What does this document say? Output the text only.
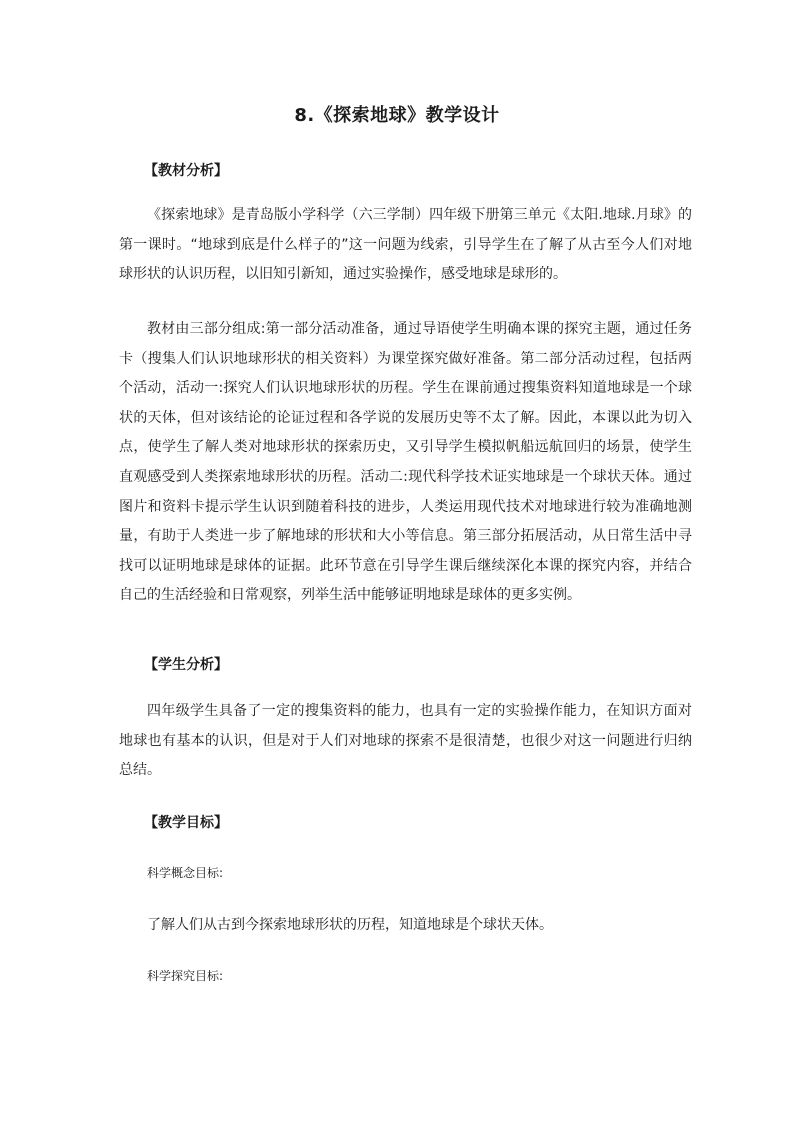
8.《探索地球》教学设计
【教材分析】

《探索地球》是青岛版小学科学（六三学制）四年级下册第三单元《太阳.地球.月球》的第一课时。“地球到底是什么样子的”这一问题为线索，引导学生在了解了从古至今人们对地球形状的认识历程，以旧知引新知，通过实验操作，感受地球是球形的。

教材由三部分组成:第一部分活动准备，通过导语使学生明确本课的探究主题，通过任务卡（搜集人们认识地球形状的相关资料）为课堂探究做好准备。第二部分活动过程，包括两个活动，活动一:探究人们认识地球形状的历程。学生在课前通过搜集资料知道地球是一个球状的天体，但对该结论的论证过程和各学说的发展历史等不太了解。因此，本课以此为切入点，使学生了解人类对地球形状的探索历史，又引导学生模拟帆船远航回归的场景，使学生直观感受到人类探索地球形状的历程。活动二:现代科学技术证实地球是一个球状天体。通过图片和资料卡提示学生认识到随着科技的进步，人类运用现代技术对地球进行较为准确地测量，有助于人类进一步了解地球的形状和大小等信息。第三部分拓展活动，从日常生活中寻找可以证明地球是球体的证据。此环节意在引导学生课后继续深化本课的探究内容，并结合自己的生活经验和日常观察，列举生活中能够证明地球是球体的更多实例。

【学生分析】

四年级学生具备了一定的搜集资料的能力，也具有一定的实验操作能力，在知识方面对地球也有基本的认识，但是对于人们对地球的探索不是很清楚，也很少对这一问题进行归纳总结。

【教学目标】
科学概念目标:
了解人们从古到今探索地球形状的历程，知道地球是个球状天体。
科学探究目标:
